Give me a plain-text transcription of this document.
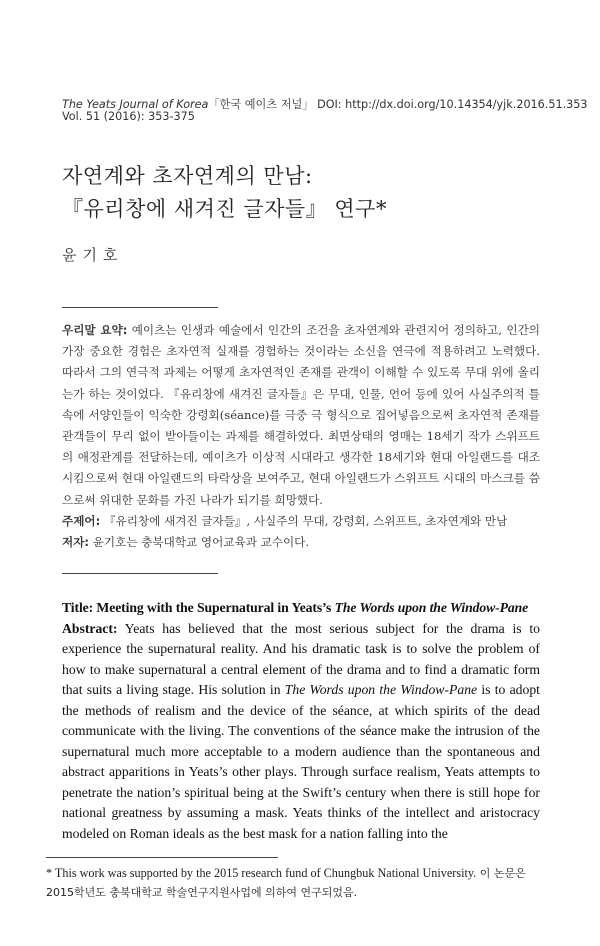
The Yeats Journal of Korea「한국 예이츠 저널」 DOI: http://dx.doi.org/10.14354/yjk.2016.51.353
Vol. 51 (2016): 353-375
자연계와 초자연계의 만남:
『유리창에 새겨진 글자들』 연구*
윤기호

우리말 요약: 예이츠는 인생과 예술에서 인간의 조건을 초자연계와 관련지어 정의하고, 인간의 가장 중요한 경험은 초자연적 실재를 경험하는 것이라는 소신을 연극에 적용하려고 노력했다. 따라서 그의 연극적 과제는 어떻게 초자연적인 존재를 관객이 이해할 수 있도록 무대 위에 올리는가 하는 것이었다. 『유리창에 새겨진 글자들』은 무대, 인물, 언어 등에 있어 사실주의적 틀 속에 서양인들이 익숙한 강령회(séance)를 극중 극 형식으로 집어넣음으로써 초자연적 존재를 관객들이 무리 없이 받아들이는 과제를 해결하였다. 최면상태의 영매는 18세기 작가 스위프트의 애정관계를 전달하는데, 예이츠가 이상적 시대라고 생각한 18세기와 현대 아일랜드를 대조시킴으로써 현대 아일랜드의 타락상을 보여주고, 현대 아일랜드가 스위프트 시대의 마스크를 씀으로써 위대한 문화를 가진 나라가 되기를 희망했다.

주제어: 『유리창에 새겨진 글자들』, 사실주의 무대, 강령회, 스위프트, 초자연계와 만남

저자: 윤기호는 충북대학교 영어교육과 교수이다.

Title: Meeting with the Supernatural in Yeats’s The Words upon the Window-Pane

Abstract: Yeats has believed that the most serious subject for the drama is to experience the supernatural reality. And his dramatic task is to solve the problem of how to make supernatural a central element of the drama and to find a dramatic form that suits a living stage. His solution in The Words upon the Window-Pane is to adopt the methods of realism and the device of the séance, at which spirits of the dead communicate with the living. The conventions of the séance make the intrusion of the supernatural much more acceptable to a modern audience than the spontaneous and abstract apparitions in Yeats’s other plays. Through surface realism, Yeats attempts to penetrate the nation’s spiritual being at the Swift’s century when there is still hope for national greatness by assuming a mask. Yeats thinks of the intellect and aristocracy modeled on Roman ideals as the best mask for a nation falling into the

* This work was supported by the 2015 research fund of Chungbuk National University. 이 논문은 2015학년도 충북대학교 학술연구지원사업에 의하여 연구되었음.
